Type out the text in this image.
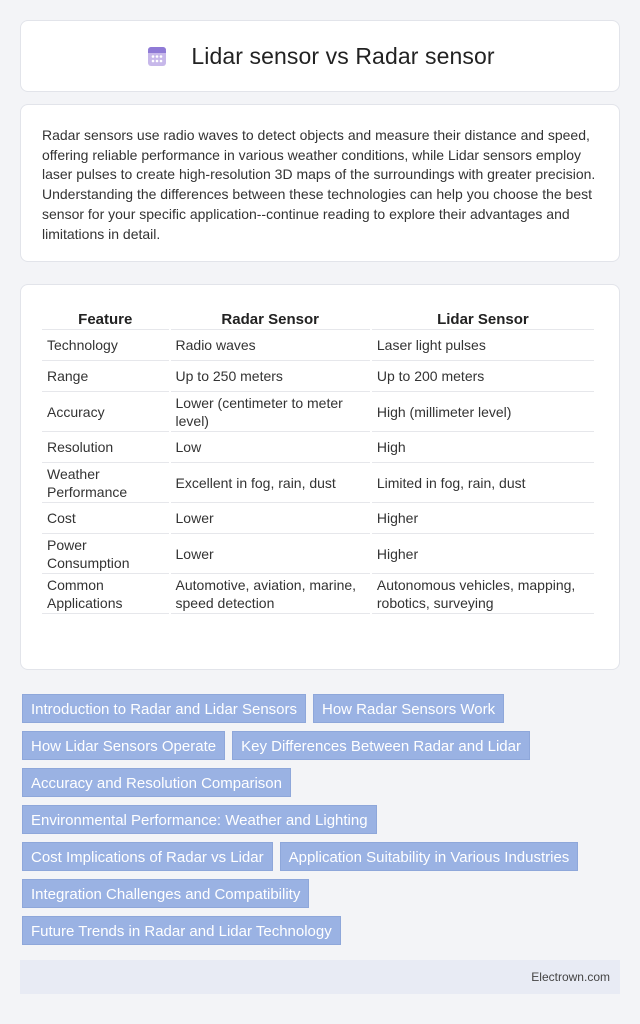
Lidar sensor vs Radar sensor

Radar sensors use radio waves to detect objects and measure their distance and speed, offering reliable performance in various weather conditions, while Lidar sensors employ laser pulses to create high-resolution 3D maps of the surroundings with greater precision. Understanding the differences between these technologies can help you choose the best sensor for your specific application--continue reading to explore their advantages and limitations in detail.

Feature	Radar Sensor	Lidar Sensor
Technology	Radio waves	Laser light pulses
Range	Up to 250 meters	Up to 200 meters
Accuracy	Lower (centimeter to meter level)	High (millimeter level)
Resolution	Low	High
Weather Performance	Excellent in fog, rain, dust	Limited in fog, rain, dust
Cost	Lower	Higher
Power Consumption	Lower	Higher
Common Applications	Automotive, aviation, marine, speed detection	Autonomous vehicles, mapping, robotics, surveying
Introduction to Radar and Lidar Sensors	How Radar Sensors Work
How Lidar Sensors Operate	Key Differences Between Radar and Lidar
Accuracy and Resolution Comparison
Environmental Performance: Weather and Lighting
Cost Implications of Radar vs Lidar	Application Suitability in Various Industries
Integration Challenges and Compatibility
Future Trends in Radar and Lidar Technology
Electrown.com
